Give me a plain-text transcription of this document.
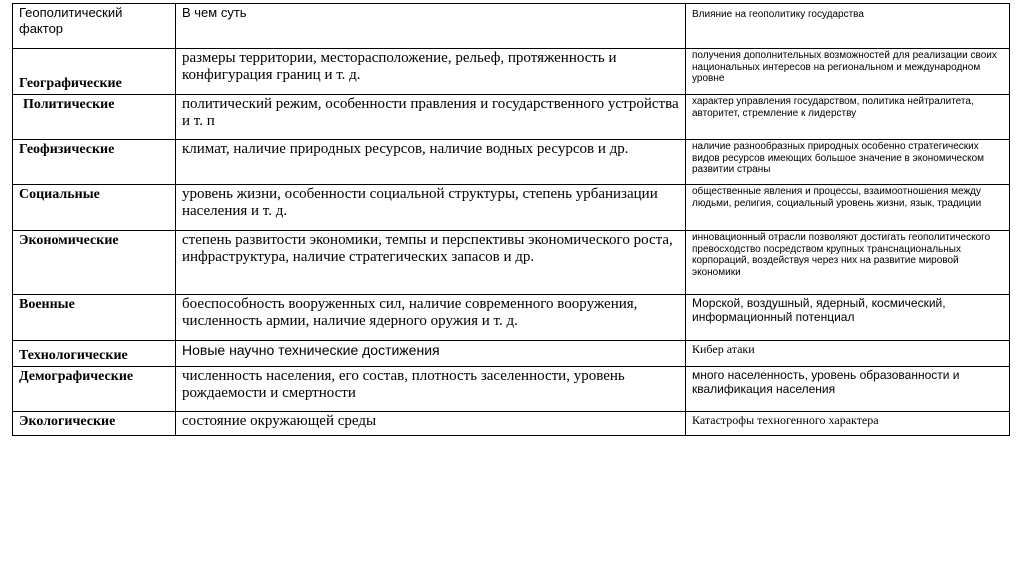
Геополитический фактор	В чем суть	Влияние на геополитику государства
Географические	размеры территории, месторасположение, рельеф, протяженность и конфигурация границ и т. д.	получения дополнительных возможностей для реализации своих национальных интересов на региональном и международном уровне
Политические	политический режим, особенности правления и государственного устройства и т. п	характер управления государством, политика нейтралитета, авторитет, стремление к лидерству
Геофизические	климат, наличие природных ресурсов, наличие водных ресурсов и др.	наличие разнообразных природных особенно стратегических видов ресурсов имеющих большое значение в экономическом развитии страны
Социальные	уровень жизни, особенности социальной структуры, степень урбанизации населения и т. д.	общественные явления и процессы, взаимоотношения между людьми, религия, социальный уровень жизни, язык, традиции
Экономические	степень развитости экономики, темпы и перспективы экономического роста, инфраструктура, наличие стратегических запасов и др.	инновационный отрасли позволяют достигать геополитического превосходство посредством крупных транснациональных корпораций, воздействуя через них на развитие мировой экономики
Военные	боеспособность вооруженных сил, наличие современного вооружения, численность армии, наличие ядерного оружия и т. д.	Морской, воздушный, ядерный, космический, информационный потенциал
Технологические	Новые научно технические достижения	Кибер атаки
Демографические	численность населения, его состав, плотность заселенности, уровень рождаемости и смертности	много населенность, уровень образованности и квалификация населения
Экологические	состояние окружающей среды	Катастрофы техногенного характера
